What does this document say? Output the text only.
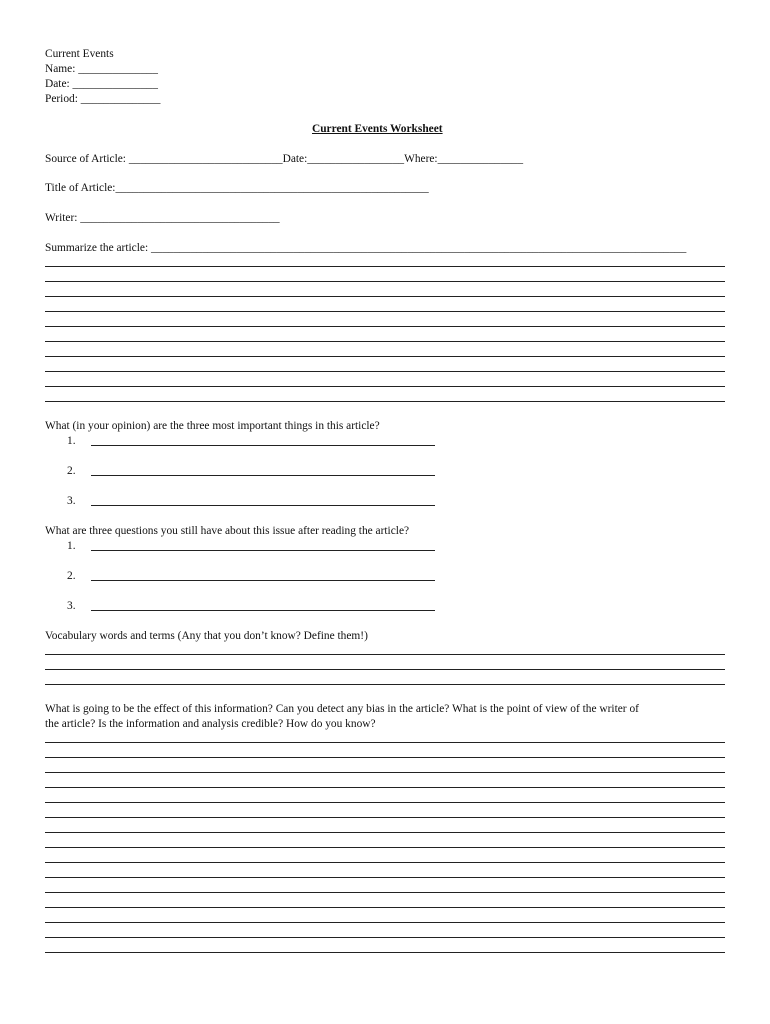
Current Events
Name: ______________
Date: _______________
Period: ______________
Current Events Worksheet
Source of Article: ___________________________Date:_________________Where:_______________
Title of Article:_______________________________________________________
Writer: ___________________________________
Summarize the article: ______________________________________________________________________________________________
What (in your opinion) are the three most important things in this article?
1.
2.
3.
What are three questions you still have about this issue after reading the article?
1.
2.
3.
Vocabulary words and terms (Any that you don’t know? Define them!)
What is going to be the effect of this information? Can you detect any bias in the article? What is the point of view of the writer of
the article? Is the information and analysis credible? How do you know?
